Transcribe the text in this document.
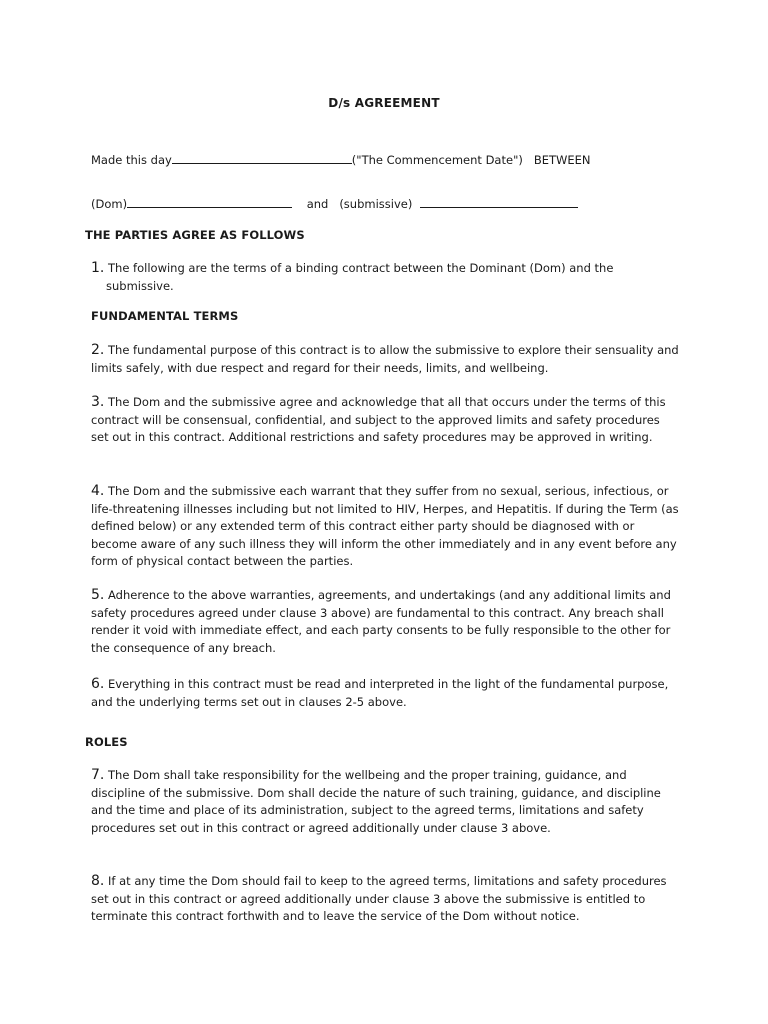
D/s AGREEMENT
Made this day	("The Commencement Date") BETWEEN
(Dom)	and (submissive)
THE PARTIES AGREE AS FOLLOWS
1. The following are the terms of a binding contract between the Dominant (Dom) and the submissive.
FUNDAMENTAL TERMS
2. The fundamental purpose of this contract is to allow the submissive to explore their sensuality and limits safely, with due respect and regard for their needs, limits, and wellbeing.
3. The Dom and the submissive agree and acknowledge that all that occurs under the terms of this contract will be consensual, confidential, and subject to the approved limits and safety procedures set out in this contract. Additional restrictions and safety procedures may be approved in writing.
4. The Dom and the submissive each warrant that they suffer from no sexual, serious, infectious, or life-threatening illnesses including but not limited to HIV, Herpes, and Hepatitis. If during the Term (as defined below) or any extended term of this contract either party should be diagnosed with or become aware of any such illness they will inform the other immediately and in any event before any form of physical contact between the parties.
5. Adherence to the above warranties, agreements, and undertakings (and any additional limits and safety procedures agreed under clause 3 above) are fundamental to this contract. Any breach shall render it void with immediate effect, and each party consents to be fully responsible to the other for the consequence of any breach.
6. Everything in this contract must be read and interpreted in the light of the fundamental purpose, and the underlying terms set out in clauses 2-5 above.
ROLES
7. The Dom shall take responsibility for the wellbeing and the proper training, guidance, and discipline of the submissive. Dom shall decide the nature of such training, guidance, and discipline and the time and place of its administration, subject to the agreed terms, limitations and safety procedures set out in this contract or agreed additionally under clause 3 above.
8. If at any time the Dom should fail to keep to the agreed terms, limitations and safety procedures set out in this contract or agreed additionally under clause 3 above the submissive is entitled to terminate this contract forthwith and to leave the service of the Dom without notice.
